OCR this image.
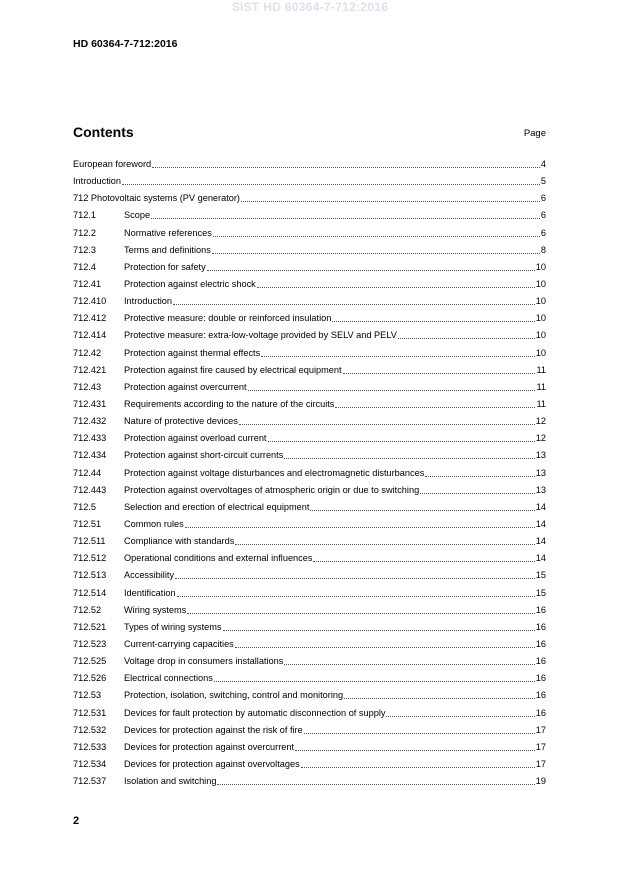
SIST HD 60364-7-712:2016
HD 60364-7-712:2016
Contents	Page
European foreword	4
Introduction	5
712 Photovoltaic systems (PV generator)	6
712.1	Scope	6
712.2	Normative references	6
712.3	Terms and definitions	8
712.4	Protection for safety	10
712.41	Protection against electric shock	10
712.410	Introduction	10
712.412	Protective measure: double or reinforced insulation	10
712.414	Protective measure: extra-low-voltage provided by SELV and PELV	10
712.42	Protection against thermal effects	10
712.421	Protection against fire caused by electrical equipment	11
712.43	Protection against overcurrent	11
712.431	Requirements according to the nature of the circuits	11
712.432	Nature of protective devices	12
712.433	Protection against overload current	12
712.434	Protection against short-circuit currents	13
712.44	Protection against voltage disturbances and electromagnetic disturbances	13
712.443	Protection against overvoltages of atmospheric origin or due to switching	13
712.5	Selection and erection of electrical equipment	14
712.51	Common rules	14
712.511	Compliance with standards	14
712.512	Operational conditions and external influences	14
712.513	Accessibility	15
712.514	Identification	15
712.52	Wiring systems	16
712.521	Types of wiring systems	16
712.523	Current-carrying capacities	16
712.525	Voltage drop in consumers installations	16
712.526	Electrical connections	16
712.53	Protection, isolation, switching, control and monitoring	16
712.531	Devices for fault protection by automatic disconnection of supply	16
712.532	Devices for protection against the risk of fire	17
712.533	Devices for protection against overcurrent	17
712.534	Devices for protection against overvoltages	17
712.537	Isolation and switching	19
2
